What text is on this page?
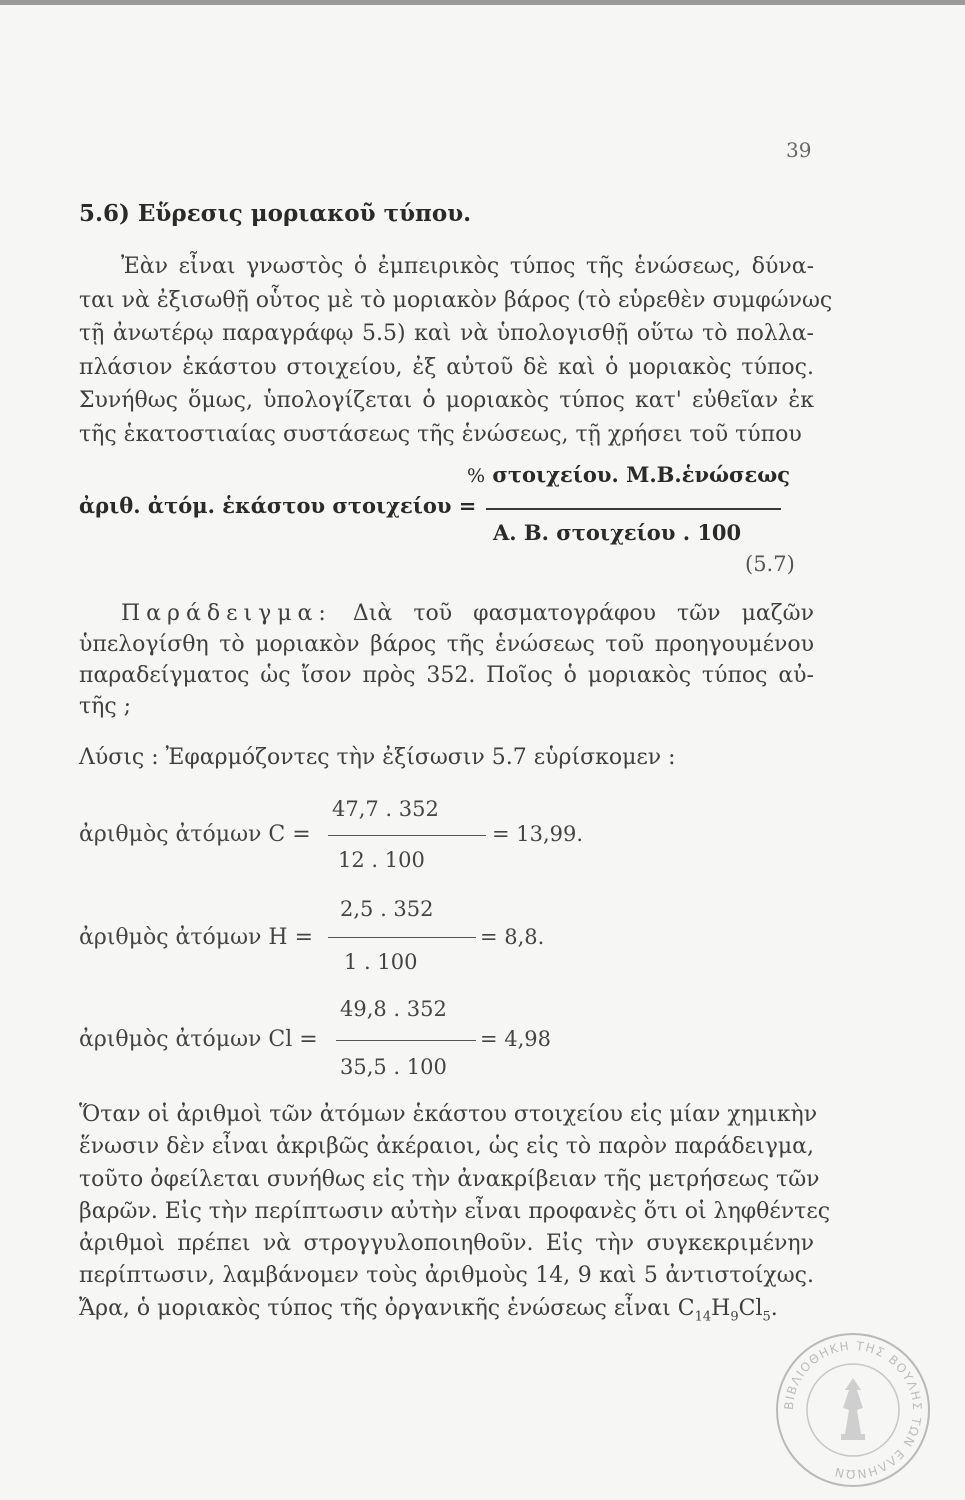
39
5.6) Εὕρεσις μοριακοῦ τύπου.
Ἐὰν εἶναι γνωστὸς ὁ ἐμπειρικὸς τύπος τῆς ἑνώσεως, δύνα-
ται νὰ ἐξισωθῇ οὗτος μὲ τὸ μοριακὸν βάρος (τὸ εὑρεθὲν συμφώνως
τῇ ἀνωτέρῳ παραγράφῳ 5.5) καὶ νὰ ὑπολογισθῇ οὕτω τὸ πολλα-
πλάσιον ἑκάστου στοιχείου, ἐξ αὐτοῦ δὲ καὶ ὁ μοριακὸς τύπος.
Συνήθως ὅμως, ὑπολογίζεται ὁ μοριακὸς τύπος κατ' εὐθεῖαν ἐκ
τῆς ἑκατοστιαίας συστάσεως τῆς ἑνώσεως, τῇ χρήσει τοῦ τύπου
% στοιχείου. Μ.Β.ἑνώσεως
ἀριθ. ἀτόμ. ἑκάστου στοιχείου =
Α. Β. στοιχείου . 100
(5.7)
Παράδειγμα: Διὰ τοῦ φασματογράφου τῶν μαζῶν
ὑπελογίσθη τὸ μοριακὸν βάρος τῆς ἑνώσεως τοῦ προηγουμένου
παραδείγματος ὡς ἴσον πρὸς 352. Ποῖος ὁ μοριακὸς τύπος αὐ-
τῆς ;
Λύσις : Ἐφαρμόζοντες τὴν ἐξίσωσιν 5.7 εὑρίσκομεν :
47,7 . 352
ἀριθμὸς ἀτόμων C =	= 13,99.
12 . 100
2,5 . 352
ἀριθμὸς ἀτόμων H =	= 8,8.
1 . 100
49,8 . 352
ἀριθμὸς ἀτόμων Cl =	= 4,98
35,5 . 100
Ὅταν οἱ ἀριθμοὶ τῶν ἀτόμων ἑκάστου στοιχείου εἰς μίαν χημικὴν
ἕνωσιν δὲν εἶναι ἀκριβῶς ἀκέραιοι, ὡς εἰς τὸ παρὸν παράδειγμα,
τοῦτο ὀφείλεται συνήθως εἰς τὴν ἀνακρίβειαν τῆς μετρήσεως τῶν
βαρῶν. Εἰς τὴν περίπτωσιν αὐτὴν εἶναι προφανὲς ὅτι οἱ ληφθέντες
ἀριθμοὶ πρέπει νὰ στρογγυλοποιηθοῦν. Εἰς τὴν συγκεκριμένην
περίπτωσιν, λαμβάνομεν τοὺς ἀριθμοὺς 14, 9 καὶ 5 ἀντιστοίχως.
Ἄρα, ὁ μοριακὸς τύπος τῆς ὀργανικῆς ἑνώσεως εἶναι $C_{14}H_9Cl_5$.
ΒΙΒΛΙΟΘΗΚΗ ΤΗΣ ΒΟΥΛΗΣ ΤΩΝ ΕΛΛΗΝΩΝ
